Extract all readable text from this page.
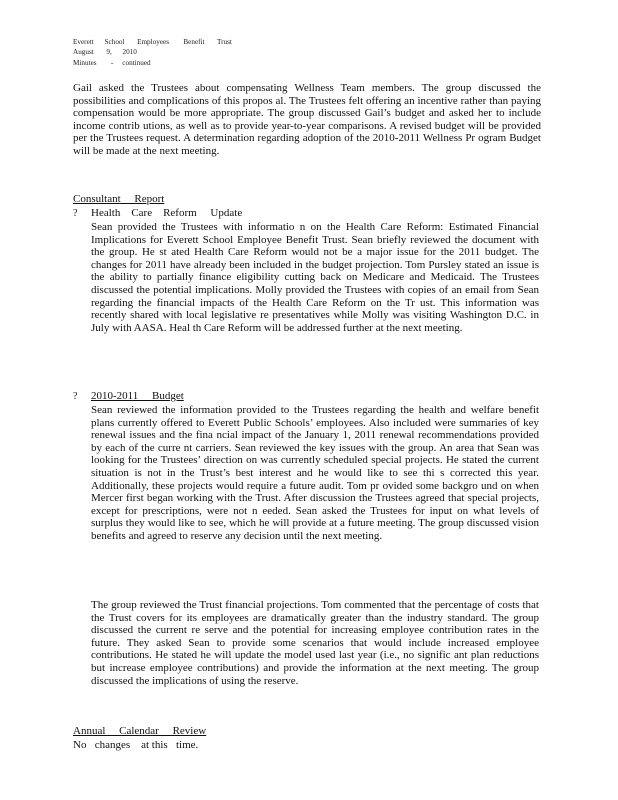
Everett      School       Employees        Benefit       Trust
August       9,      2010
Minutes        -     continued
Gail asked the Trustees about compensating Wellness Team members. The group discussed the possibilities and complications of this propos al. The Trustees felt offering an incentive rather than paying compensation would be more appropriate. The group discussed Gail’s budget and asked her to include income contrib utions, as well as to provide year-to-year comparisons. A revised budget will be provided per the Trustees request. A determination regarding adoption of the 2010-2011 Wellness Pr ogram Budget will be made at the next meeting.
Consultant     Report
? Health    Care    Reform     Update
Sean provided the Trustees with informatio n on the Health Care Reform: Estimated Financial Implications for Everett School Employee Benefit Trust. Sean briefly reviewed the document with the group. He st ated Health Care Reform would not be a major issue for the 2011 budget. The changes for 2011 have already been included in the budget projection. Tom Pursley stated an issue is the ability to partially finance eligibility cutting back on Medicare and Medicaid. The Trustees discussed the potential implications. Molly provided the Trustees with copies of an email from Sean regarding the financial impacts of the Health Care Reform on the Tr ust. This information was recently shared with local legislative re presentatives while Molly was visiting Washington D.C. in July with AASA. Heal th Care Reform will be addressed further at the next meeting.
? 2010-2011     Budget
Sean reviewed the information provided to the Trustees regarding the health and welfare benefit plans currently offered to Everett Public Schools’ employees. Also included were summaries of key renewal issues and the fina ncial impact of the January 1, 2011 renewal recommendations provided by each of the curre nt carriers. Sean reviewed the key issues with the group. An area that Sean was looking for the Trustees’ direction on was currently scheduled special projects. He stated the current situation is not in the Trust’s best interest and he would like to see thi s corrected this year. Additionally, these projects would require a future audit. Tom pr ovided some backgro und on when Mercer first began working with the Trust. After discussion the Trustees agreed that special projects, except for prescriptions, were not n eeded. Sean asked the Trustees for input on what levels of surplus they would like to see, which he will provide at a future meeting. The group discussed vision benefits and agreed to reserve any decision until the next meeting.
The group reviewed the Trust financial projections. Tom commented that the percentage of costs that the Trust covers for its employees are dramatically greater than the industry standard. The group discussed the current re serve and the potential for increasing employee contribution rates in the future. They asked Sean to provide some scenarios that would include increased employee contributions. He stated he will update the model used last year (i.e., no signific ant plan reductions but increase employee contributions) and provide the information at the next meeting. The group discussed the implications of using the reserve.
Annual     Calendar     Review
No   changes    at this   time.
